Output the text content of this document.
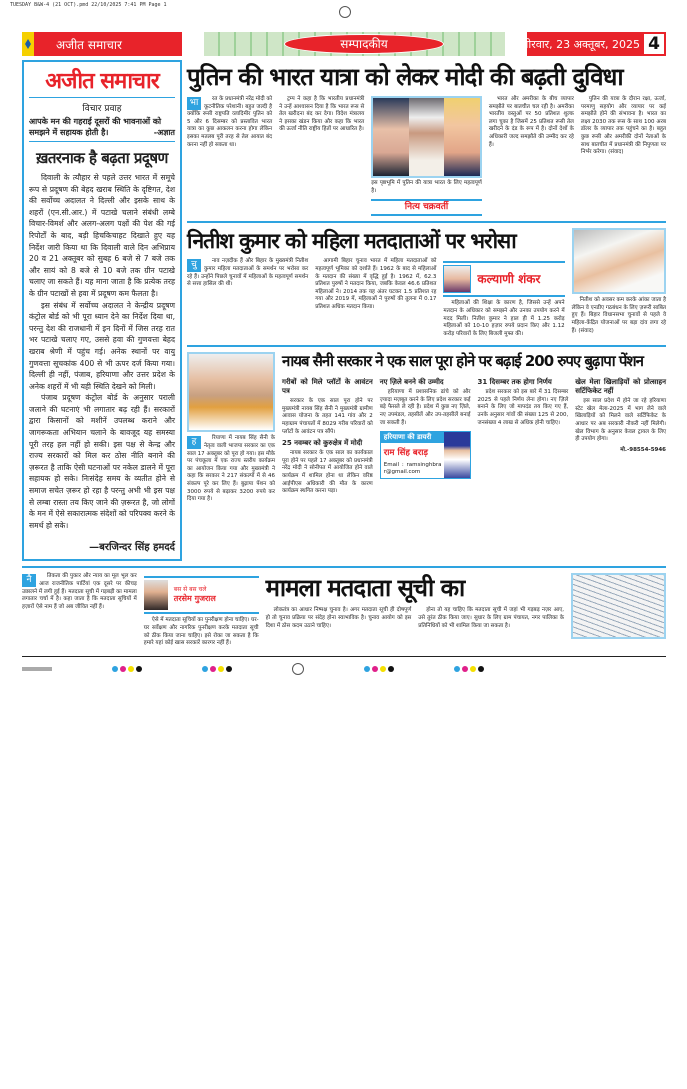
TUESDAY B&W-4 (21 OCT).pmd 22/10/2025 7:41 PM Page 1
अजीत समाचार	सम्पादकीय	वीरवार, 23 अक्तूबर, 2025 4
अजीत समाचार
विचार प्रवाह
आपके मन की गहराई दूसरों की भावनाओं को समझने में सहायक होती है।	-अज्ञात
ख़तरनाक है बढ़ता प्रदूषण

दिवाली के त्यौहार से पहले उत्तर भारत में समूचे रूप से प्रदूषण की बेहद खराब स्थिति के दृष्टिगत, देश की सर्वोच्च अदालत ने दिल्ली और इसके साथ के शहरों (एन.सी.आर.) में पटाखे चलाने संबंधी लम्बे विचार-विमर्श और अलग-अलग पक्षों की पेश की गई रिपोर्टों के बाद, बड़ी हिचकिचाहट दिखाते हुए यह निर्देश जारी किया था कि दिवाली वाले दिन अभिप्राय 20 व 21 अक्तूबर को सुबह 6 बजे से 7 बजे तक और सायं को 8 बजे से 10 बजे तक ग्रीन पटाखे चलाए जा सकते हैं। यह माना जाता है कि प्रत्येक तरह के ग्रीन पटाखों से हवा में प्रदूषण कम फैलता है।

इस संबंध में सर्वोच्च अदालत ने केन्द्रीय प्रदूषण कंट्रोल बोर्ड को भी पूरा ध्यान देने का निर्देश दिया था, परन्तु देश की राजधानी में इन दिनों में जिस तरह रात भर पटाखे चलाए गए, उससे हवा की गुणवत्ता बेहद खराब श्रेणी में पहुंच गई। अनेक स्थानों पर वायु गुणवत्ता सूचकांक 400 से भी ऊपर दर्ज किया गया। दिल्ली ही नहीं, पंजाब, हरियाणा और उत्तर प्रदेश के अनेक शहरों में भी यही स्थिति देखने को मिली।

पंजाब प्रदूषण कंट्रोल बोर्ड के अनुसार पराली जलाने की घटनाएं भी लगातार बढ़ रही हैं। सरकारों द्वारा किसानों को मशीनें उपलब्ध कराने और जागरूकता अभियान चलाने के बावजूद यह समस्या पूरी तरह हल नहीं हो सकी। इस पक्ष से केन्द्र और राज्य सरकारों को मिल कर ठोस नीति बनाने की ज़रूरत है ताकि ऐसी घटनाओं पर नकेल डालने में पूरा सहायक हो सके। निःसंदेह समय के व्यतीत होने से समाज सचेत ज़रूर हो रहा है परन्तु अभी भी इस पक्ष से लम्बा रास्ता तय किए जाने की ज़रूरत है, जो लोगों के मन में ऐसे सकारात्मक संदेशों को परिपक्व करने के समर्थ हो सके।

—बरजिन्दर सिंह हमदर्द
पुतिन की भारत यात्रा को लेकर मोदी की बढ़ती दुविधा
भा	रत के प्रधानमंत्री नरेंद्र मोदी को कूटनीतिक परेशानी। बहुत जल्दी है क्योंकि रूसी राष्ट्रपति व्लादिमीर पुतिन को 5 और 6 दिसम्बर को प्रस्तावित भारत यात्रा का कुछ आकलन करना होगा लेकिन इसका मतलब पूरी तरह से तेल आयात बंद करना नहीं हो सकता था।

ट्रम्प ने कहा है कि भारतीय प्रधानमंत्री ने उन्हें आश्वासन दिया है कि भारत रूस से तेल खरीदना बंद कर देगा। विदेश मंत्रालय ने इसका खंडन किया और कहा कि भारत की ऊर्जा नीति राष्ट्रीय हितों पर आधारित है।

इस पृष्ठभूमि में पुतिन की यात्रा भारत के लिए महत्वपूर्ण है।
नित्य चक्रवर्ती

भारत और अमरीका के बीच व्यापार समझौते पर बातचीत चल रही है। अमरीका भारतीय वस्तुओं पर 50 प्रतिशत शुल्क लगा चुका है जिसमें 25 प्रतिशत रूसी तेल खरीदने के दंड के रूप में है। दोनों देशों के अधिकारी जल्द समझौते की उम्मीद कर रहे हैं।

पुतिन की यात्रा के दौरान रक्षा, ऊर्जा, परमाणु सहयोग और व्यापार पर कई समझौते होने की संभावना है। भारत का लक्ष्य 2030 तक रूस के साथ 100 अरब डॉलर के व्यापार तक पहुंचने का है। बहुत कुछ रूसी और अमरीकी दोनों नेताओं के साथ बातचीत में प्रधानमंत्री की निपुणता पर निर्भर करेगा। (संवाद)

नितीश कुमार को महिला मतदाताओं पर भरोसा
चु	नाव नज़दीक हैं और बिहार के मुख्यमंत्री नितीश कुमार महिला मतदाताओं के समर्थन पर भरोसा कर रहे हैं। उन्होंने पिछले चुनावों में महिलाओं के महत्वपूर्ण समर्थन से सत्ता हासिल की थी।

आगामी बिहार चुनाव भारत में महिला मतदाताओं को महत्वपूर्ण भूमिका को दर्शाते हैं। 1962 के बाद से महिलाओं के मतदान की संख्या में वृद्धि हुई है। 1962 में, 62.3 प्रतिशत पुरुषों ने मतदान किया, जबकि केवल 46.6 प्रतिशत महिलाओं ने। 2014 तक यह अंतर घटकर 1.5 प्रतिशत रह गया और 2019 में, महिलाओं ने पुरुषों की तुलना में 0.17 प्रतिशत अधिक मतदान किया।

कल्याणी शंकर

महिलाओं की शिक्षा के कारण है, जिससे उन्हें अपने मतदान के अधिकार को समझने और उनका उपयोग करने में मदद मिली। नितीश कुमार ने हाल ही में 1.25 करोड़ महिलाओं को 10-10 हज़ार रुपये प्रदान किए और 1.12 करोड़ परिवारों के लिए बिजली मुफ्त की।

नितीश को अवसर कम करके आंका जाता है लेकिन वे एनडीए गठबंधन के लिए ज़रूरी साबित हुए हैं। बिहार विधानसभा चुनावों से पहले वे महिला-केंद्रित योजनाओं पर बड़ा दांव लगा रहे हैं। (संवाद)

ह	रियाणा में नायब सिंह सैनी के नेतृत्व वाली भाजपा सरकार का एक साल 17 अक्तूबर को पूरा हो गया। इस मौके पर पंचकूला में एक राज्य स्तरीय कार्यक्रम का आयोजन किया गया और मुख्यमंत्री ने कहा कि सरकार ने 217 संकल्पों में से 46 संकल्प पूरे कर लिए हैं। बुढ़ापा पेंशन को 3000 रुपये से बढ़ाकर 3200 रुपये कर दिया गया है।

नायब सैनी सरकार ने एक साल पूरा होने पर बढ़ाई 200 रुपए बुढ़ापा पेंशन

गरीबों को मिले प्लॉटों के आवंटन पत्र

सरकार के एक साल पूरा होने पर मुख्यमंत्री नायब सिंह सैनी ने मुख्यमंत्री ग्रामीण आवास योजना के तहत 141 गांव और 2 महाग्राम पंचायतों में 8029 गरीब परिवारों को प्लॉटों के आवंटन पत्र सौंपे।

25 नवम्बर को कुरुक्षेत्र में मोदी

नायब सरकार के एक साल का कार्यकाल पूरा होने पर पहले 17 अक्तूबर को प्रधानमंत्री नरेंद्र मोदी ने सोनीपत में आयोजित होने वाले कार्यक्रम में शामिल होना था लेकिन वरिष्ठ आईपीएस अधिकारी की मौत के कारण कार्यक्रम स्थगित करना पड़ा।

नए ज़िले बनने की उम्मीद

हरियाणा में प्रशासनिक ढांचे को और ज़्यादा मज़बूत करने के लिए प्रदेश सरकार कई बड़े फैसले ले रही है। प्रदेश में कुछ नए ज़िले, नए उपमंडल, तहसीलें और उप-तहसीलें बनाई जा सकती हैं।

हरियाणा की डायरी
राम सिंह बराड़
Email : ramsinghbrar@gmail.com

31 दिसम्बर तक होगा निर्णय

प्रदेश सरकार को इस बारे में 31 दिसम्बर 2025 से पहले निर्णय लेना होगा। नए ज़िले बनाने के लिए जो मापदंड तय किए गए हैं, उनके अनुसार गांवों की संख्या 125 से 200, जनसंख्या 4 लाख से अधिक होनी चाहिए।

खेल मेला खिलाड़ियों को प्रोत्साहन सर्टिफिकेट नहीं

इस साल प्रदेश में होने जा रहे हरियाणा स्टेट खेल मेला-2025 में भाग लेने वाले खिलाड़ियों को मिलने वाले सर्टिफिकेट के आधार पर अब सरकारी नौकरी नहीं मिलेगी। खेल विभाग के अनुसार केवल ट्रायल के लिए ही उपयोग होगा।

मो.-98554-5946
नै	तिकता की पुकार और न्याय का मूल भूल कर आज राजनीतिक पार्टियां एक दूसरे पर कीचड़ उछालने में लगी हुई हैं। मतदाता सूची में गड़बड़ी का मामला लगातार चर्चा में है। कहा जाता है कि मतदाता सूचियों में हज़ारों ऐसे नाम हैं जो अब जीवित नहीं हैं।

बस से बस चले
तरसेम गुजराल

ऐसे में मतदाता सूचियों का पुनरीक्षण होना चाहिए। घर-घर सर्वेक्षण और नागरिक पुनरीक्षण करके मतदाता सूची को ठीक किया जाना चाहिए। इसे रोका जा सकता है कि हमारे यहां कोई खास सरकारें कारगर नहीं हैं।

मामला मतदाता सूची का

लोकतंत्र का आधार निष्पक्ष चुनाव है। अगर मतदाता सूची ही दोषपूर्ण हो तो चुनाव प्रक्रिया पर संदेह होना स्वाभाविक है। चुनाव आयोग को इस दिशा में ठोस कदम उठाने चाहिए।

होना तो यह चाहिए कि मतदाता सूची में जहां भी गड़बड़ नज़र आए, उसे तुरंत ठीक किया जाए। सुधार के लिए ग्राम पंचायत, नगर पालिका के प्रतिनिधियों को भी शामिल किया जा सकता है।
